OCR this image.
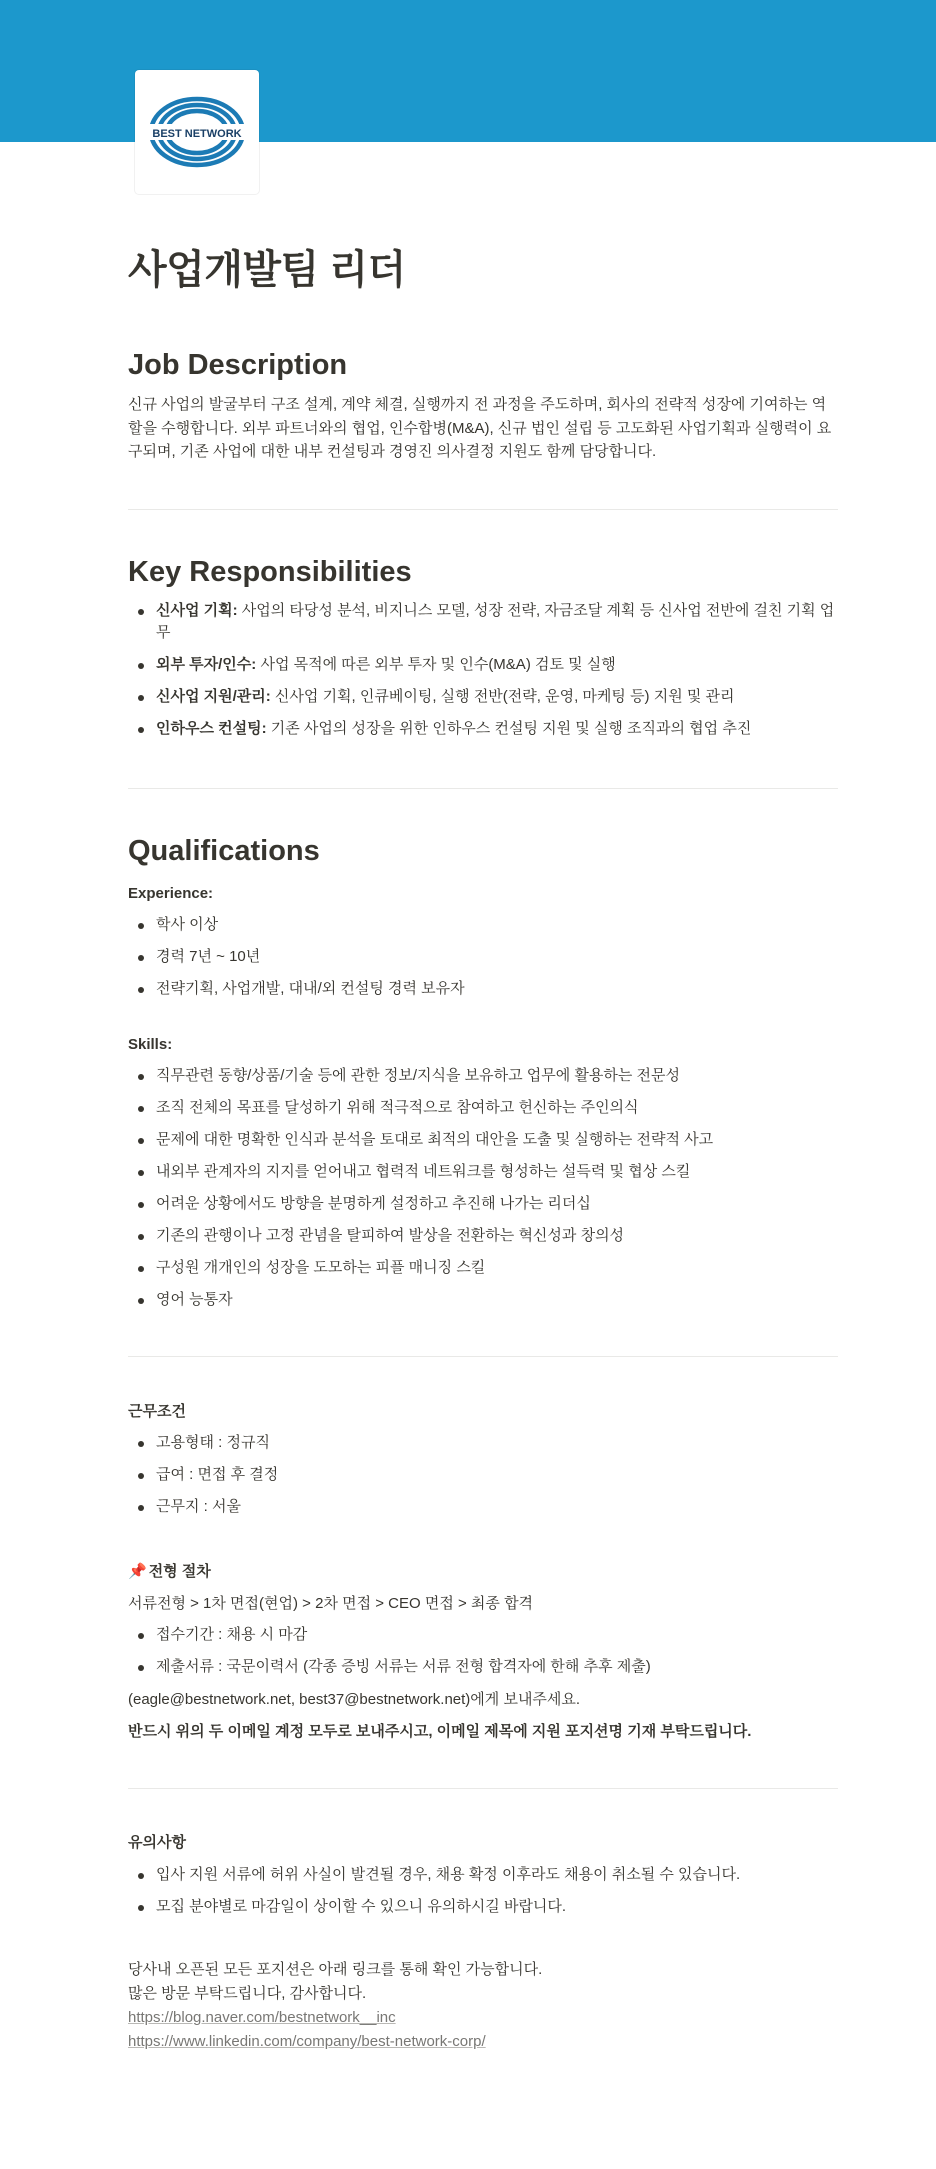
BEST NETWORK
사업개발팀 리더
Job Description

신규 사업의 발굴부터 구조 설계, 계약 체결, 실행까지 전 과정을 주도하며, 회사의 전략적 성장에 기여하는 역할을 수행합니다. 외부 파트너와의 협업, 인수합병(M&A), 신규 법인 설립 등 고도화된 사업기획과 실행력이 요구되며, 기존 사업에 대한 내부 컨설팅과 경영진 의사결정 지원도 함께 담당합니다.

Key Responsibilities
신사업 기획: 사업의 타당성 분석, 비지니스 모델, 성장 전략, 자금조달 계획 등 신사업 전반에 걸친 기획 업무
외부 투자/인수: 사업 목적에 따른 외부 투자 및 인수(M&A) 검토 및 실행
신사업 지원/관리: 신사업 기획, 인큐베이팅, 실행 전반(전략, 운영, 마케팅 등) 지원 및 관리
인하우스 컨설팅: 기존 사업의 성장을 위한 인하우스 컨설팅 지원 및 실행 조직과의 협업 추진
Qualifications

Experience:

학사 이상
경력 7년 ~ 10년
전략기획, 사업개발, 대내/외 컨설팅 경력 보유자

Skills:

직무관련 동향/상품/기술 등에 관한 정보/지식을 보유하고 업무에 활용하는 전문성
조직 전체의 목표를 달성하기 위해 적극적으로 참여하고 헌신하는 주인의식
문제에 대한 명확한 인식과 분석을 토대로 최적의 대안을 도출 및 실행하는 전략적 사고
내외부 관계자의 지지를 얻어내고 협력적 네트워크를 형성하는 설득력 및 협상 스킬
어려운 상황에서도 방향을 분명하게 설정하고 추진해 나가는 리더십
기존의 관행이나 고정 관념을 탈피하여 발상을 전환하는 혁신성과 창의성
구성원 개개인의 성장을 도모하는 피플 매니징 스킬
영어 능통자

근무조건

고용형태 : 정규직
급여 : 면접 후 결정
근무지 : 서울

📌 전형 절차

서류전형 > 1차 면접(현업) > 2차 면접 > CEO 면접 > 최종 합격

접수기간 : 채용 시 마감
제출서류 : 국문이력서 (각종 증빙 서류는 서류 전형 합격자에 한해 추후 제출)

(eagle@bestnetwork.net, best37@bestnetwork.net)에게 보내주세요.

반드시 위의 두 이메일 계정 모두로 보내주시고, 이메일 제목에 지원 포지션명 기재 부탁드립니다.

유의사항

입사 지원 서류에 허위 사실이 발견될 경우, 채용 확정 이후라도 채용이 취소될 수 있습니다.
모집 분야별로 마감일이 상이할 수 있으니 유의하시길 바랍니다.

당사내 오픈된 모든 포지션은 아래 링크를 통해 확인 가능합니다.

많은 방문 부탁드립니다, 감사합니다.

https://blog.naver.com/bestnetwork__inc

https://www.linkedin.com/company/best-network-corp/
